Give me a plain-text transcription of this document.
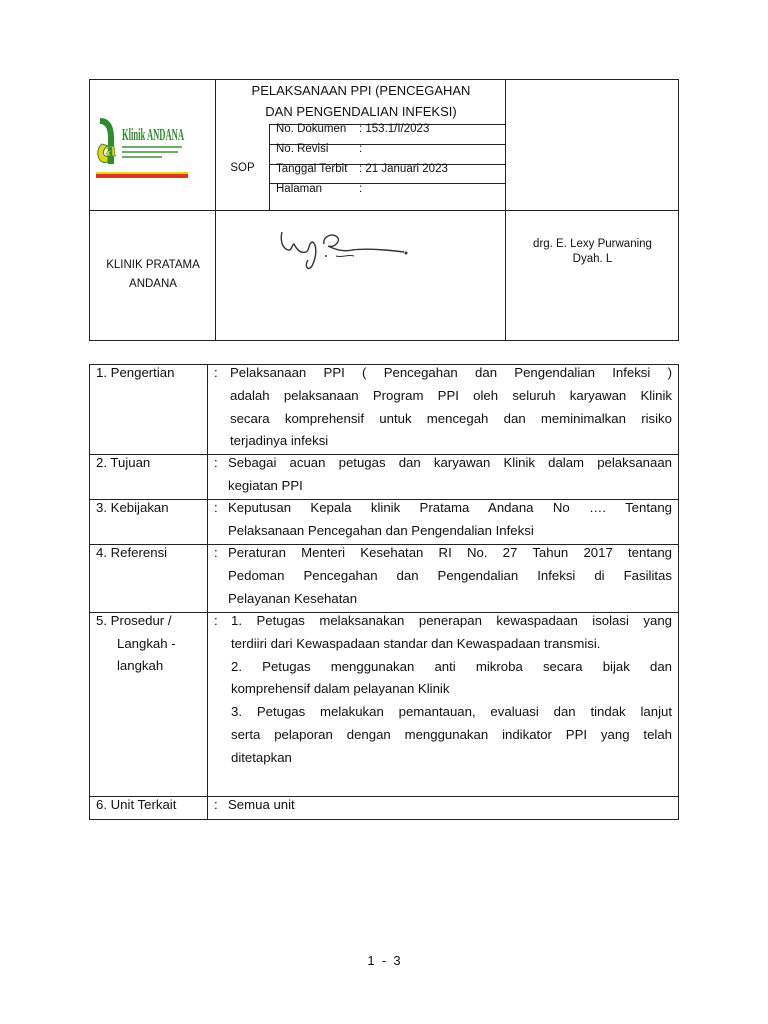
a
Klinik ANDANA
PELAKSANAAN PPI (PENCEGAHAN
DAN PENGENDALIAN INFEKSI)
SOP
No. Dokumen : 153.1/I/2023
No. Revisi	:
Tanggal Terbit : 21 Januari 2023
Halaman	:
KLINIK PRATAMA
ANDANA
drg. E. Lexy Purwaning
Dyah. L
1. Pengertian	: Pelaksanaan PPI ( Pencegahan dan Pengendalian Infeksi )
adalah pelaksanaan Program PPI oleh seluruh karyawan Klinik
secara komprehensif untuk mencegah dan meminimalkan risiko
terjadinya infeksi
2. Tujuan	: Sebagai acuan petugas dan karyawan Klinik dalam pelaksanaan
kegiatan PPI
3. Kebijakan	: Keputusan Kepala klinik Pratama Andana No …. Tentang
Pelaksanaan Pencegahan dan Pengendalian Infeksi
4. Referensi	: Peraturan Menteri Kesehatan RI No. 27 Tahun 2017 tentang
Pedoman Pencegahan dan Pengendalian Infeksi di Fasilitas
Pelayanan Kesehatan
5. Prosedur /
Langkah -
langkah
: 1. Petugas melaksanakan penerapan kewaspadaan isolasi yang
terdiiri dari Kewaspadaan standar dan Kewaspadaan transmisi.
2. Petugas menggunakan anti mikroba secara bijak dan
komprehensif dalam pelayanan Klinik
3. Petugas melakukan pemantauan, evaluasi dan tindak lanjut
serta pelaporan dengan menggunakan indikator PPI yang telah
ditetapkan
6. Unit Terkait	: Semua unit
1  -  3
